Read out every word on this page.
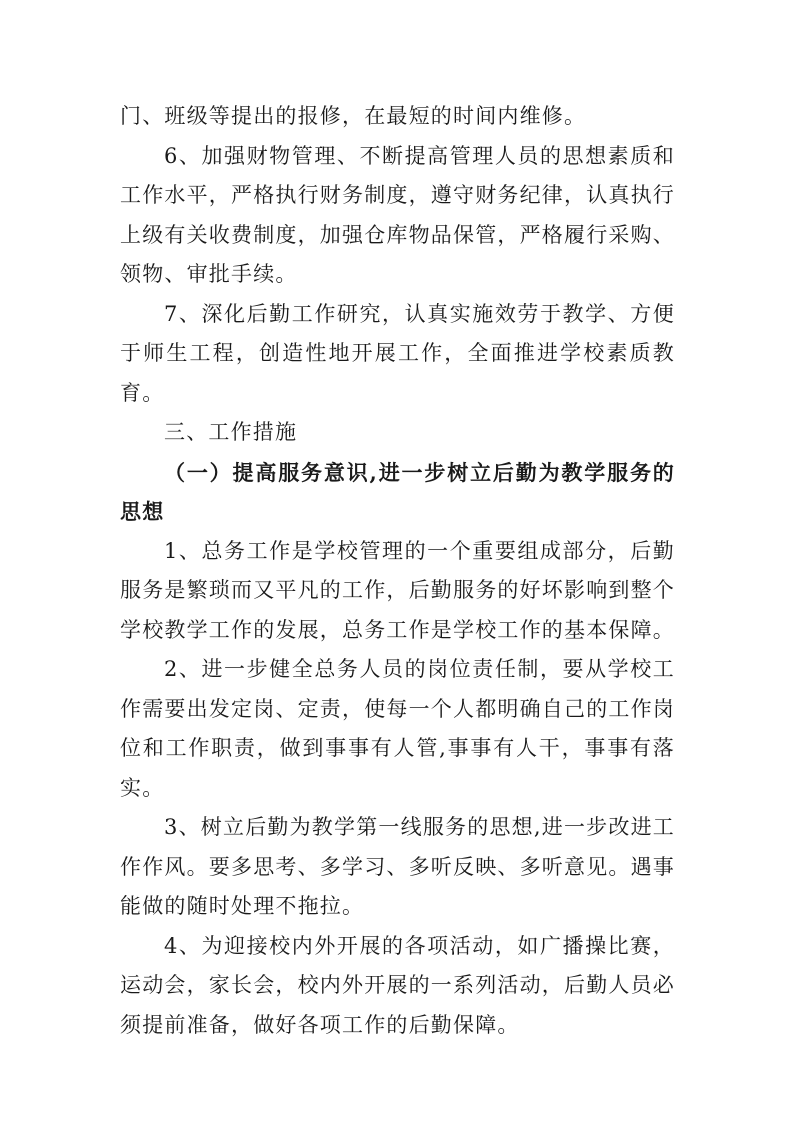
门、班级等提出的报修，在最短的时间内维修。

6、加强财物管理、不断提高管理人员的思想素质和工作水平，严格执行财务制度，遵守财务纪律，认真执行上级有关收费制度，加强仓库物品保管，严格履行采购、领物、审批手续。

7、深化后勤工作研究，认真实施效劳于教学、方便于师生工程，创造性地开展工作，全面推进学校素质教育。

三、工作措施

（一）提高服务意识,进一步树立后勤为教学服务的思想

1、总务工作是学校管理的一个重要组成部分，后勤服务是繁琐而又平凡的工作，后勤服务的好坏影响到整个学校教学工作的发展，总务工作是学校工作的基本保障。

2、进一步健全总务人员的岗位责任制，要从学校工作需要出发定岗、定责，使每一个人都明确自己的工作岗位和工作职责，做到事事有人管,事事有人干，事事有落实。

3、树立后勤为教学第一线服务的思想,进一步改进工作作风。要多思考、多学习、多听反映、多听意见。遇事能做的随时处理不拖拉。

4、为迎接校内外开展的各项活动，如广播操比赛，运动会，家长会，校内外开展的一系列活动，后勤人员必须提前准备，做好各项工作的后勤保障。
